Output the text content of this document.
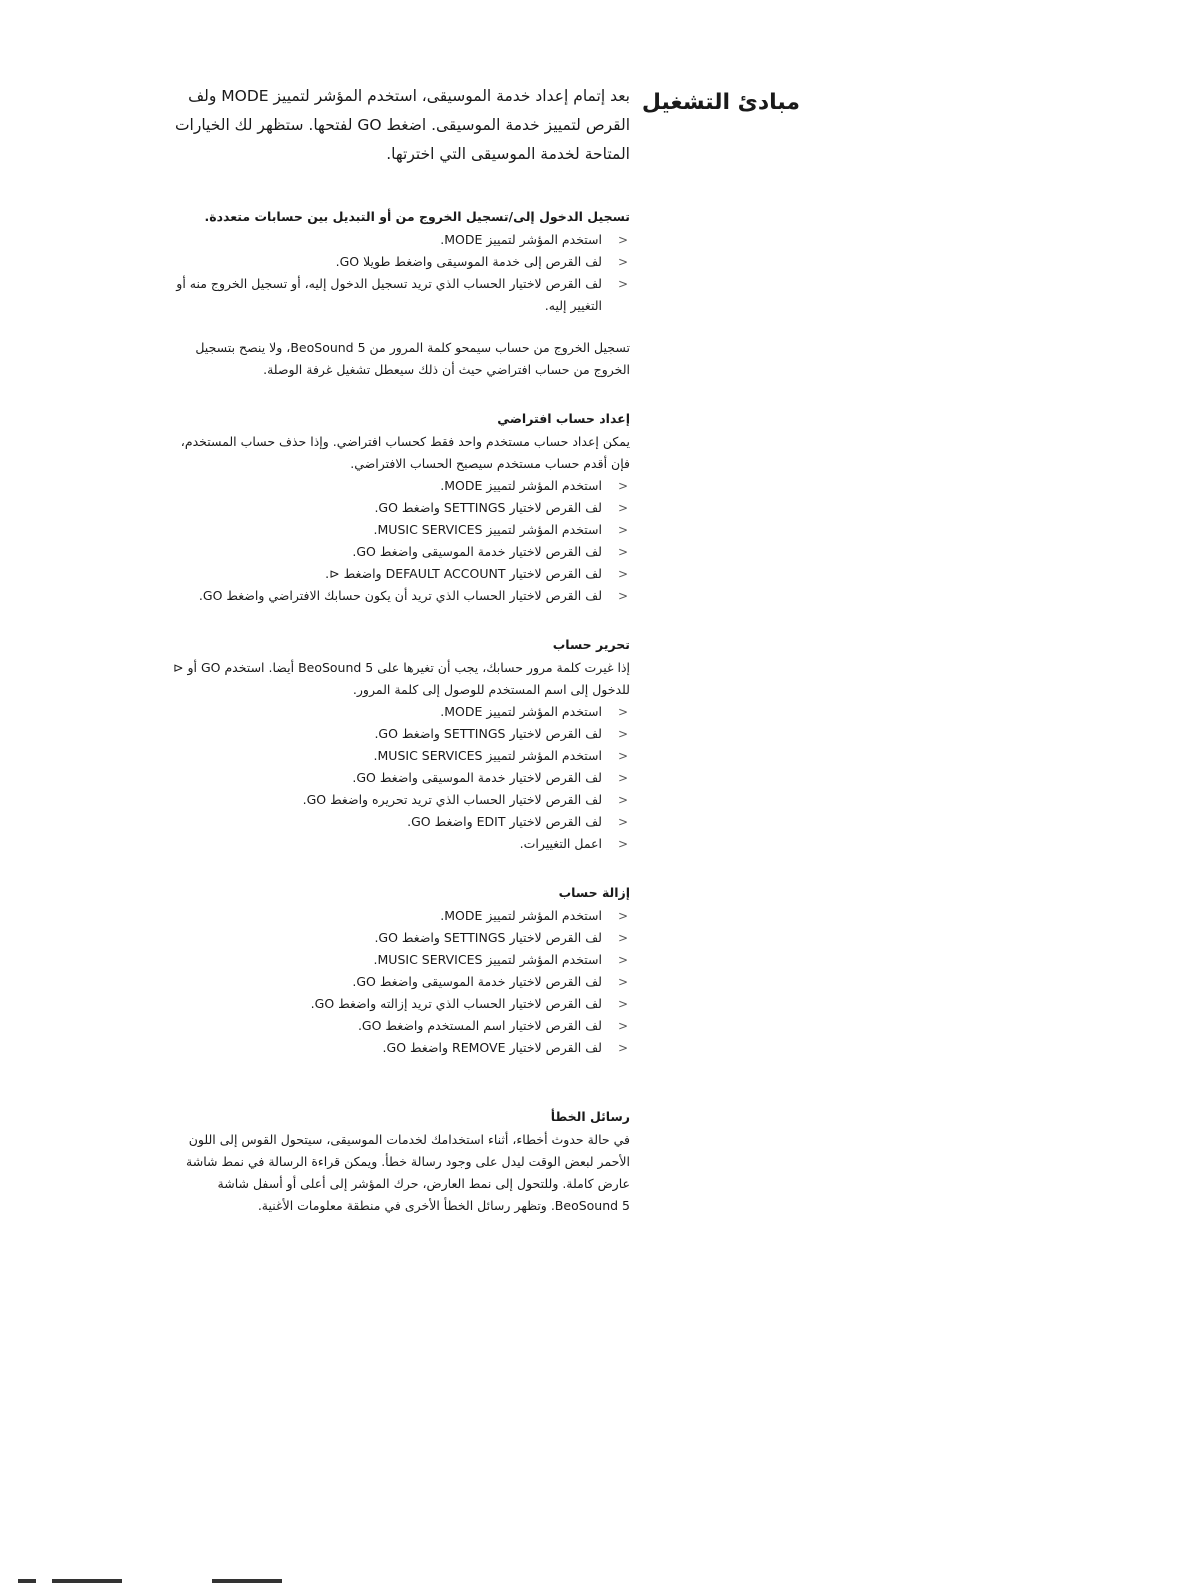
مبادئ التشغيل

بعد إتمام إعداد خدمة الموسيقى، استخدم المؤشر لتمييز MODE ولف القرص لتمييز خدمة الموسيقى. اضغط GO لفتحها. ستظهر لك الخيارات المتاحة لخدمة الموسيقى التي اخترتها.

تسجيل الدخول إلى/تسجيل الخروج من أو التبديل بين حسابات متعددة.
<
استخدم المؤشر لتمييز MODE.
<
لف القرص إلى خدمة الموسيقى واضغط طويلا GO.
<
لف القرص لاختيار الحساب الذي تريد تسجيل الدخول إليه، أو تسجيل الخروج منه أو التغيير إليه.

تسجيل الخروج من حساب سيمحو كلمة المرور من BeoSound 5، ولا ينصح بتسجيل الخروج من حساب افتراضي حيث أن ذلك سيعطل تشغيل غرفة الوصلة.

إعداد حساب افتراضي

يمكن إعداد حساب مستخدم واحد فقط كحساب افتراضي. وإذا حذف حساب المستخدم، فإن أقدم حساب مستخدم سيصبح الحساب الافتراضي.

<
استخدم المؤشر لتمييز MODE.
<
لف القرص لاختيار SETTINGS واضغط GO.
<
استخدم المؤشر لتمييز MUSIC SERVICES.
<
لف القرص لاختيار خدمة الموسيقى واضغط GO.
<
لف القرص لاختيار DEFAULT ACCOUNT واضغط ⊲.
<
لف القرص لاختيار الحساب الذي تريد أن يكون حسابك الافتراضي واضغط GO.
تحرير حساب

إذا غيرت كلمة مرور حسابك، يجب أن تغيرها على BeoSound 5 أيضا. استخدم GO أو ⊲ للدخول إلى اسم المستخدم للوصول إلى كلمة المرور.

<
استخدم المؤشر لتمييز MODE.
<
لف القرص لاختيار SETTINGS واضغط GO.
<
استخدم المؤشر لتمييز MUSIC SERVICES.
<
لف القرص لاختيار خدمة الموسيقى واضغط GO.
<
لف القرص لاختيار الحساب الذي تريد تحريره واضغط GO.
<
لف القرص لاختيار EDIT واضغط GO.
<
اعمل التغييرات.
إزالة حساب
<
استخدم المؤشر لتمييز MODE.
<
لف القرص لاختيار SETTINGS واضغط GO.
<
استخدم المؤشر لتمييز MUSIC SERVICES.
<
لف القرص لاختيار خدمة الموسيقى واضغط GO.
<
لف القرص لاختيار الحساب الذي تريد إزالته واضغط GO.
<
لف القرص لاختيار اسم المستخدم واضغط GO.
<
لف القرص لاختيار REMOVE واضغط GO.
رسائل الخطأ

في حالة حدوث أخطاء، أثناء استخدامك لخدمات الموسيقى، سيتحول القوس إلى اللون الأحمر لبعض الوقت ليدل على وجود رسالة خطأ. ويمكن قراءة الرسالة في نمط شاشة عارض كاملة. وللتحول إلى نمط العارض، حرك المؤشر إلى أعلى أو أسفل شاشة BeoSound 5. وتظهر رسائل الخطأ الأخرى في منطقة معلومات الأغنية.
